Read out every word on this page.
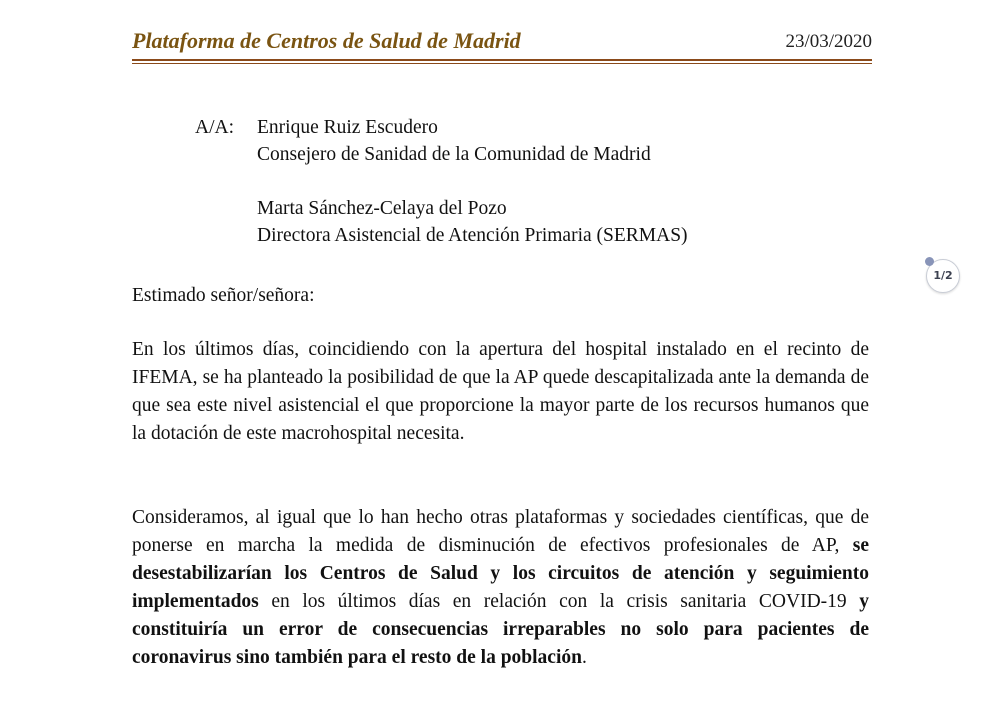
Plataforma de Centros de Salud de Madrid	23/03/2020
A/A: Enrique Ruiz Escudero
Consejero de Sanidad de la Comunidad de Madrid
Marta Sánchez-Celaya del Pozo
Directora Asistencial de Atención Primaria (SERMAS)
Estimado señor/señora:
En los últimos días, coincidiendo con la apertura del hospital instalado en el recinto de IFEMA, se ha planteado la posibilidad de que la AP quede descapitalizada ante la demanda de que sea este nivel asistencial el que proporcione la mayor parte de los recursos humanos que la dotación de este macrohospital necesita.
Consideramos, al igual que lo han hecho otras plataformas y sociedades científicas, que de ponerse en marcha la medida de disminución de efectivos profesionales de AP, se desestabilizarían los Centros de Salud y los circuitos de atención y seguimiento implementados en los últimos días en relación con la crisis sanitaria COVID-19 y constituiría un error de consecuencias irreparables no solo para pacientes de coronavirus sino también para el resto de la población.
1/2
